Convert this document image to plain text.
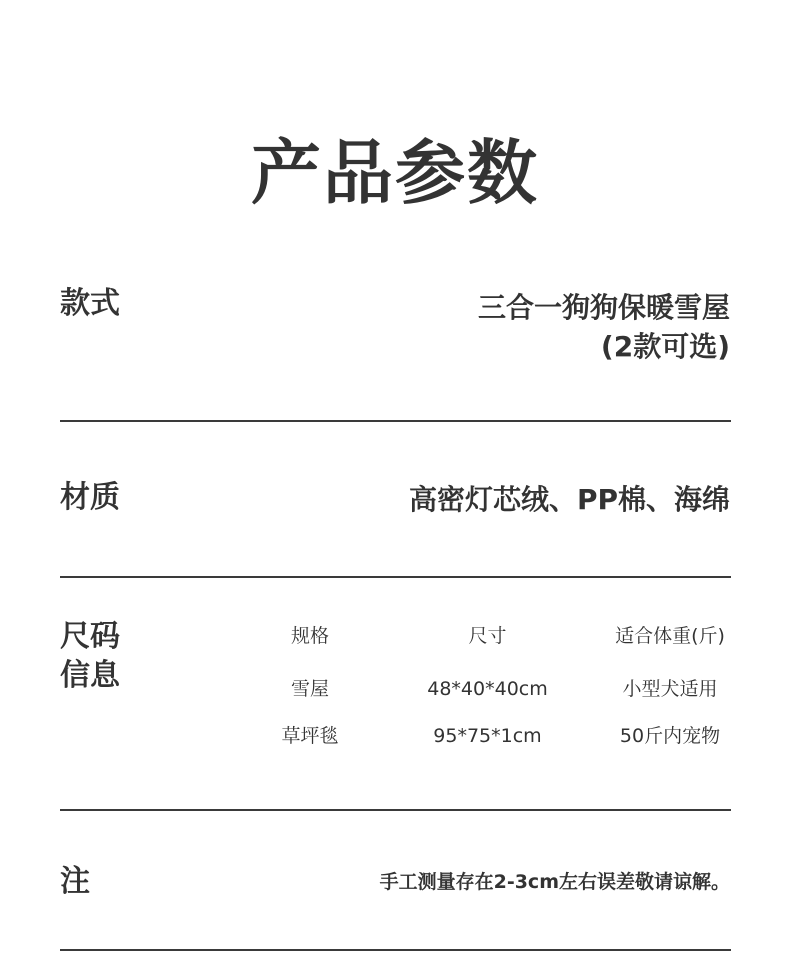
产品参数
款式	三合一狗狗保暖雪屋
(2款可选)
材质	高密灯芯绒、PP棉、海绵
尺码
信息
规格	尺寸	适合体重(斤)
雪屋	48*40*40cm	小型犬适用
草坪毯	95*75*1cm	50斤内宠物
注	手工测量存在2-3cm左右误差敬请谅解。
